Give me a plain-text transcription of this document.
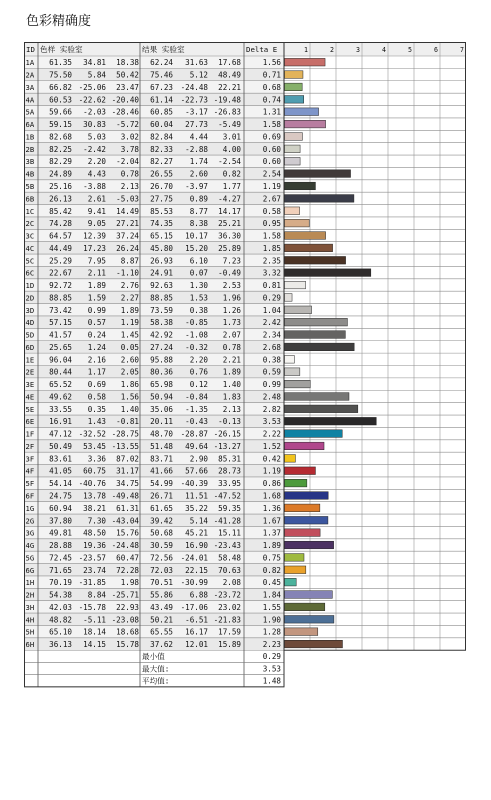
色彩精确度
ID 色样 实验室	结果 实验室	Delta E	1	2	3	4	5	6	7
1A 61.35 34.81 18.38 62.24 31.63 17.68	1.56
2A 75.50 5.84 50.42 75.46 5.12 48.49	0.71
3A 66.82 -25.06 23.47 67.23 -24.48 22.21	0.68
4A 60.53 -22.62 -20.40 61.14 -22.73 -19.48	0.74
5A 59.66 -2.03 -28.46 60.85 -3.17 -26.83	1.31
6A 59.15 30.83 -5.72 60.04 27.73 -5.49	1.58
1B 82.68 5.03 3.02 82.84 4.44 3.01	0.69
2B 82.25 -2.42 3.78 82.33 -2.88 4.00	0.60
3B 82.29 2.20 -2.04 82.27 1.74 -2.54	0.60
4B 24.89 4.43 0.78 26.55 2.60 0.82	2.54
5B 25.16 -3.88 2.13 26.70 -3.97 1.77	1.19
6B 26.13 2.61 -5.03 27.75 0.89 -4.27	2.67
1C 85.42 9.41 14.49 85.53 8.77 14.17	0.58
2C 74.28 9.05 27.21 74.35 8.38 25.21	0.95
3C 64.57 12.39 37.24 65.15 10.17 36.30	1.58
4C 44.49 17.23 26.24 45.80 15.20 25.89	1.85
5C 25.29 7.95 8.87 26.93 6.10 7.23	2.35
6C 22.67 2.11 -1.10 24.91 0.07 -0.49	3.32
1D 92.72 1.89 2.76 92.63 1.30 2.53	0.81
2D 88.85 1.59 2.27 88.85 1.53 1.96	0.29
3D 73.42 0.99 1.89 73.59 0.38 1.26	1.04
4D 57.15 0.57 1.19 58.38 -0.85 1.73	2.42
5D 41.57 0.24 1.45 42.92 -1.08 2.07	2.34
6D 25.65 1.24 0.05 27.24 -0.32 0.78	2.68
1E 96.04 2.16 2.60 95.88 2.20 2.21	0.38
2E 80.44 1.17 2.05 80.36 0.76 1.89	0.59
3E 65.52 0.69 1.86 65.98 0.12 1.40	0.99
4E 49.62 0.58 1.56 50.94 -0.84 1.83	2.48
5E 33.55 0.35 1.40 35.06 -1.35 2.13	2.82
6E 16.91 1.43 -0.81 20.11 -0.43 -0.13	3.53
1F 47.12 -32.52 -28.75 48.70 -28.87 -26.15	2.22
2F 50.49 53.45 -13.55 51.48 49.64 -13.27	1.52
3F 83.61 3.36 87.02 83.71 2.90 85.31	0.42
4F 41.05 60.75 31.17 41.66 57.66 28.73	1.19
5F 54.14 -40.76 34.75 54.99 -40.39 33.95	0.86
6F 24.75 13.78 -49.48 26.71 11.51 -47.52	1.68
1G 60.94 38.21 61.31 61.65 35.22 59.35	1.36
2G 37.80 7.30 -43.04 39.42 5.14 -41.28	1.67
3G 49.81 48.50 15.76 50.68 45.21 15.11	1.37
4G 28.88 19.36 -24.48 30.59 16.90 -23.43	1.89
5G 72.45 -23.57 60.47 72.56 -24.01 58.48	0.75
6G 71.65 23.74 72.28 72.03 22.15 70.63	0.82
1H 70.19 -31.85 1.98 70.51 -30.99 2.08	0.45
2H 54.38 8.84 -25.71 55.86 6.88 -23.72	1.84
3H 42.03 -15.78 22.93 43.49 -17.06 23.02	1.55
4H 48.82 -5.11 -23.08 50.21 -6.51 -21.83	1.90
5H 65.10 18.14 18.68 65.55 16.17 17.59	1.28
6H 36.13 14.15 15.78 37.62 12.01 15.89	2.23
最小值	0.29
最大值:	3.53
平均值:	1.48
